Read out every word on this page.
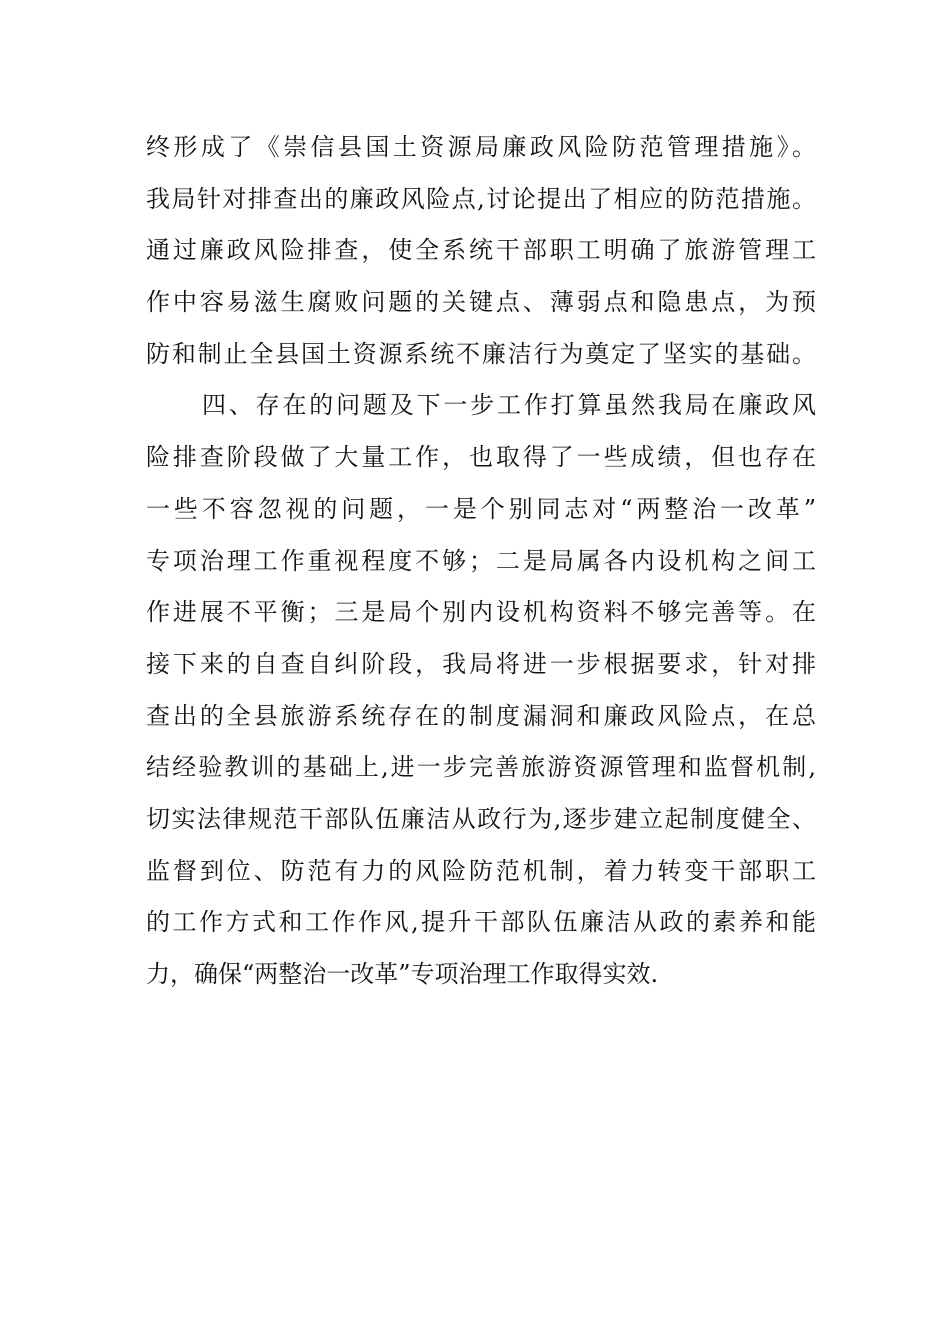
终形成了《崇信县国土资源局廉政风险防范管理措施》。
我局针对排查出的廉政风险点,讨论提出了相应的防范措施。
通过廉政风险排查，使全系统干部职工明确了旅游管理工
作中容易滋生腐败问题的关键点、薄弱点和隐患点，为预
防和制止全县国土资源系统不廉洁行为奠定了坚实的基础。
四、存在的问题及下一步工作打算虽然我局在廉政风
险排查阶段做了大量工作，也取得了一些成绩，但也存在
一些不容忽视的问题，一是个别同志对“两整治一改革”
专项治理工作重视程度不够；二是局属各内设机构之间工
作进展不平衡；三是局个别内设机构资料不够完善等。在
接下来的自查自纠阶段，我局将进一步根据要求，针对排
查出的全县旅游系统存在的制度漏洞和廉政风险点，在总
结经验教训的基础上,进一步完善旅游资源管理和监督机制,
切实法律规范干部队伍廉洁从政行为,逐步建立起制度健全、
监督到位、防范有力的风险防范机制，着力转变干部职工
的工作方式和工作作风,提升干部队伍廉洁从政的素养和能
力，确保“两整治一改革”专项治理工作取得实效.
